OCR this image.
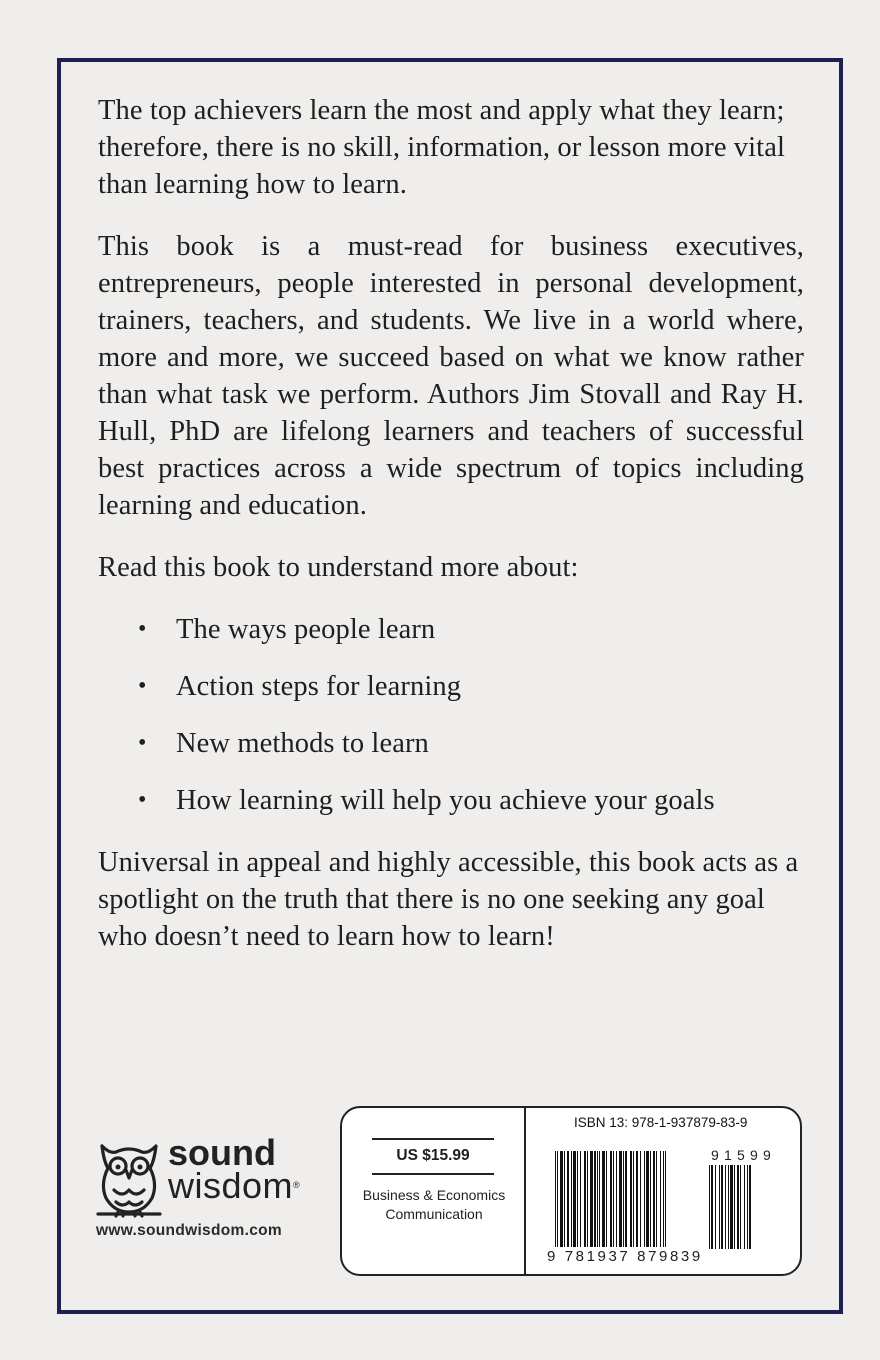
The top achievers learn the most and apply what they learn; therefore, there is no skill, information, or lesson more vital than learning how to learn.

This book is a must-read for business executives, entrepreneurs, people interested in personal development, trainers, teachers, and students. We live in a world where, more and more, we succeed based on what we know rather than what task we perform. Authors Jim Stovall and Ray H. Hull, PhD are lifelong learners and teachers of successful best practices across a wide spectrum of topics including learning and education.

Read this book to understand more about:

• The ways people learn
• Action steps for learning
• New methods to learn
• How learning will help you achieve your goals

Universal in appeal and highly accessible, this book acts as a spotlight on the truth that there is no one seeking any goal who doesn’t need to learn how to learn!

sound
wisdom®
www.soundwisdom.com
US $15.99
Business & Economics
Communication
ISBN 13: 978-1-937879-83-9
91599
9 781937 879839
